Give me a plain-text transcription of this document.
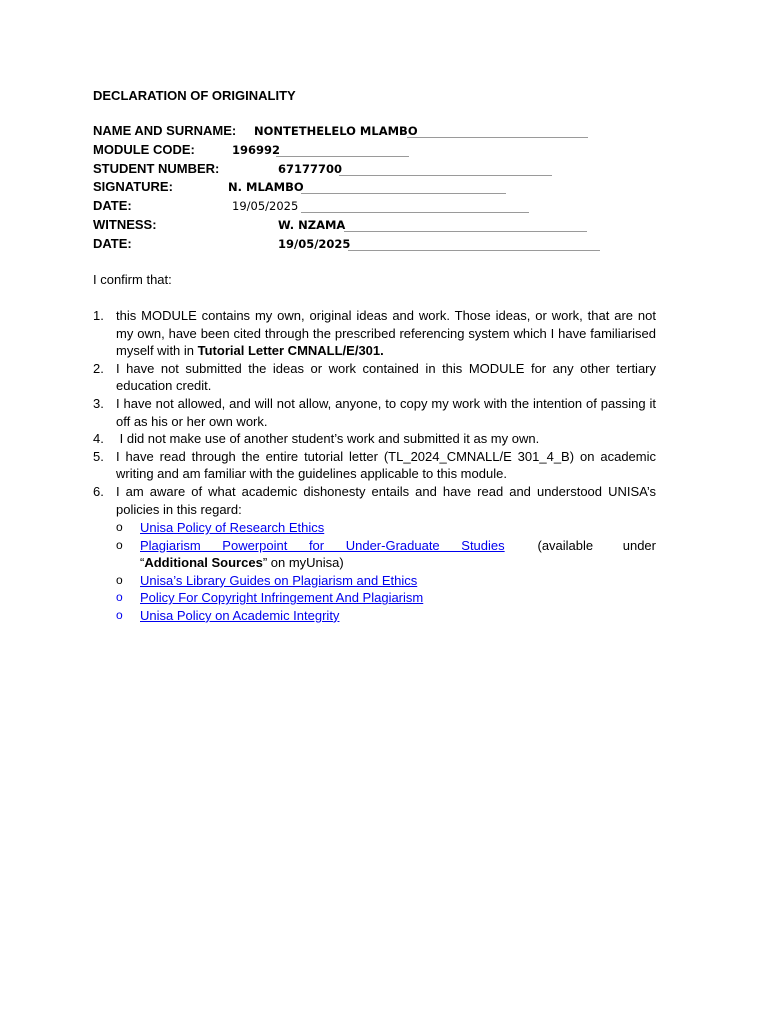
DECLARATION OF ORIGINALITY
NAME AND SURNAME: NONTETHELELO MLAMBO
MODULE CODE:	196992
STUDENT NUMBER:	67177700
SIGNATURE:	N. MLAMBO
DATE:	19/05/2025
WITNESS:	W. NZAMA
DATE:	19/05/2025
I confirm that:
1. this MODULE contains my own, original ideas and work. Those ideas, or work, that are not my own, have been cited through the prescribed referencing system which I have familiarised myself with in Tutorial Letter CMNALL/E/301.
2. I have not submitted the ideas or work contained in this MODULE for any other tertiary education credit.
3. I have not allowed, and will not allow, anyone, to copy my work with the intention of passing it off as his or her own work.
4. I did not make use of another student’s work and submitted it as my own.
5. I have read through the entire tutorial letter (TL_2024_CMNALL/E 301_4_B) on academic writing and am familiar with the guidelines applicable to this module.
6. I am aware of what academic dishonesty entails and have read and understood UNISA’s policies in this regard:
o Unisa Policy of Research Ethics
o Plagiarism Powerpoint for Under-Graduate Studies	(available under
“Additional Sources” on myUnisa)
o Unisa’s Library Guides on Plagiarism and Ethics
o Policy For Copyright Infringement And Plagiarism
o Unisa Policy on Academic Integrity
